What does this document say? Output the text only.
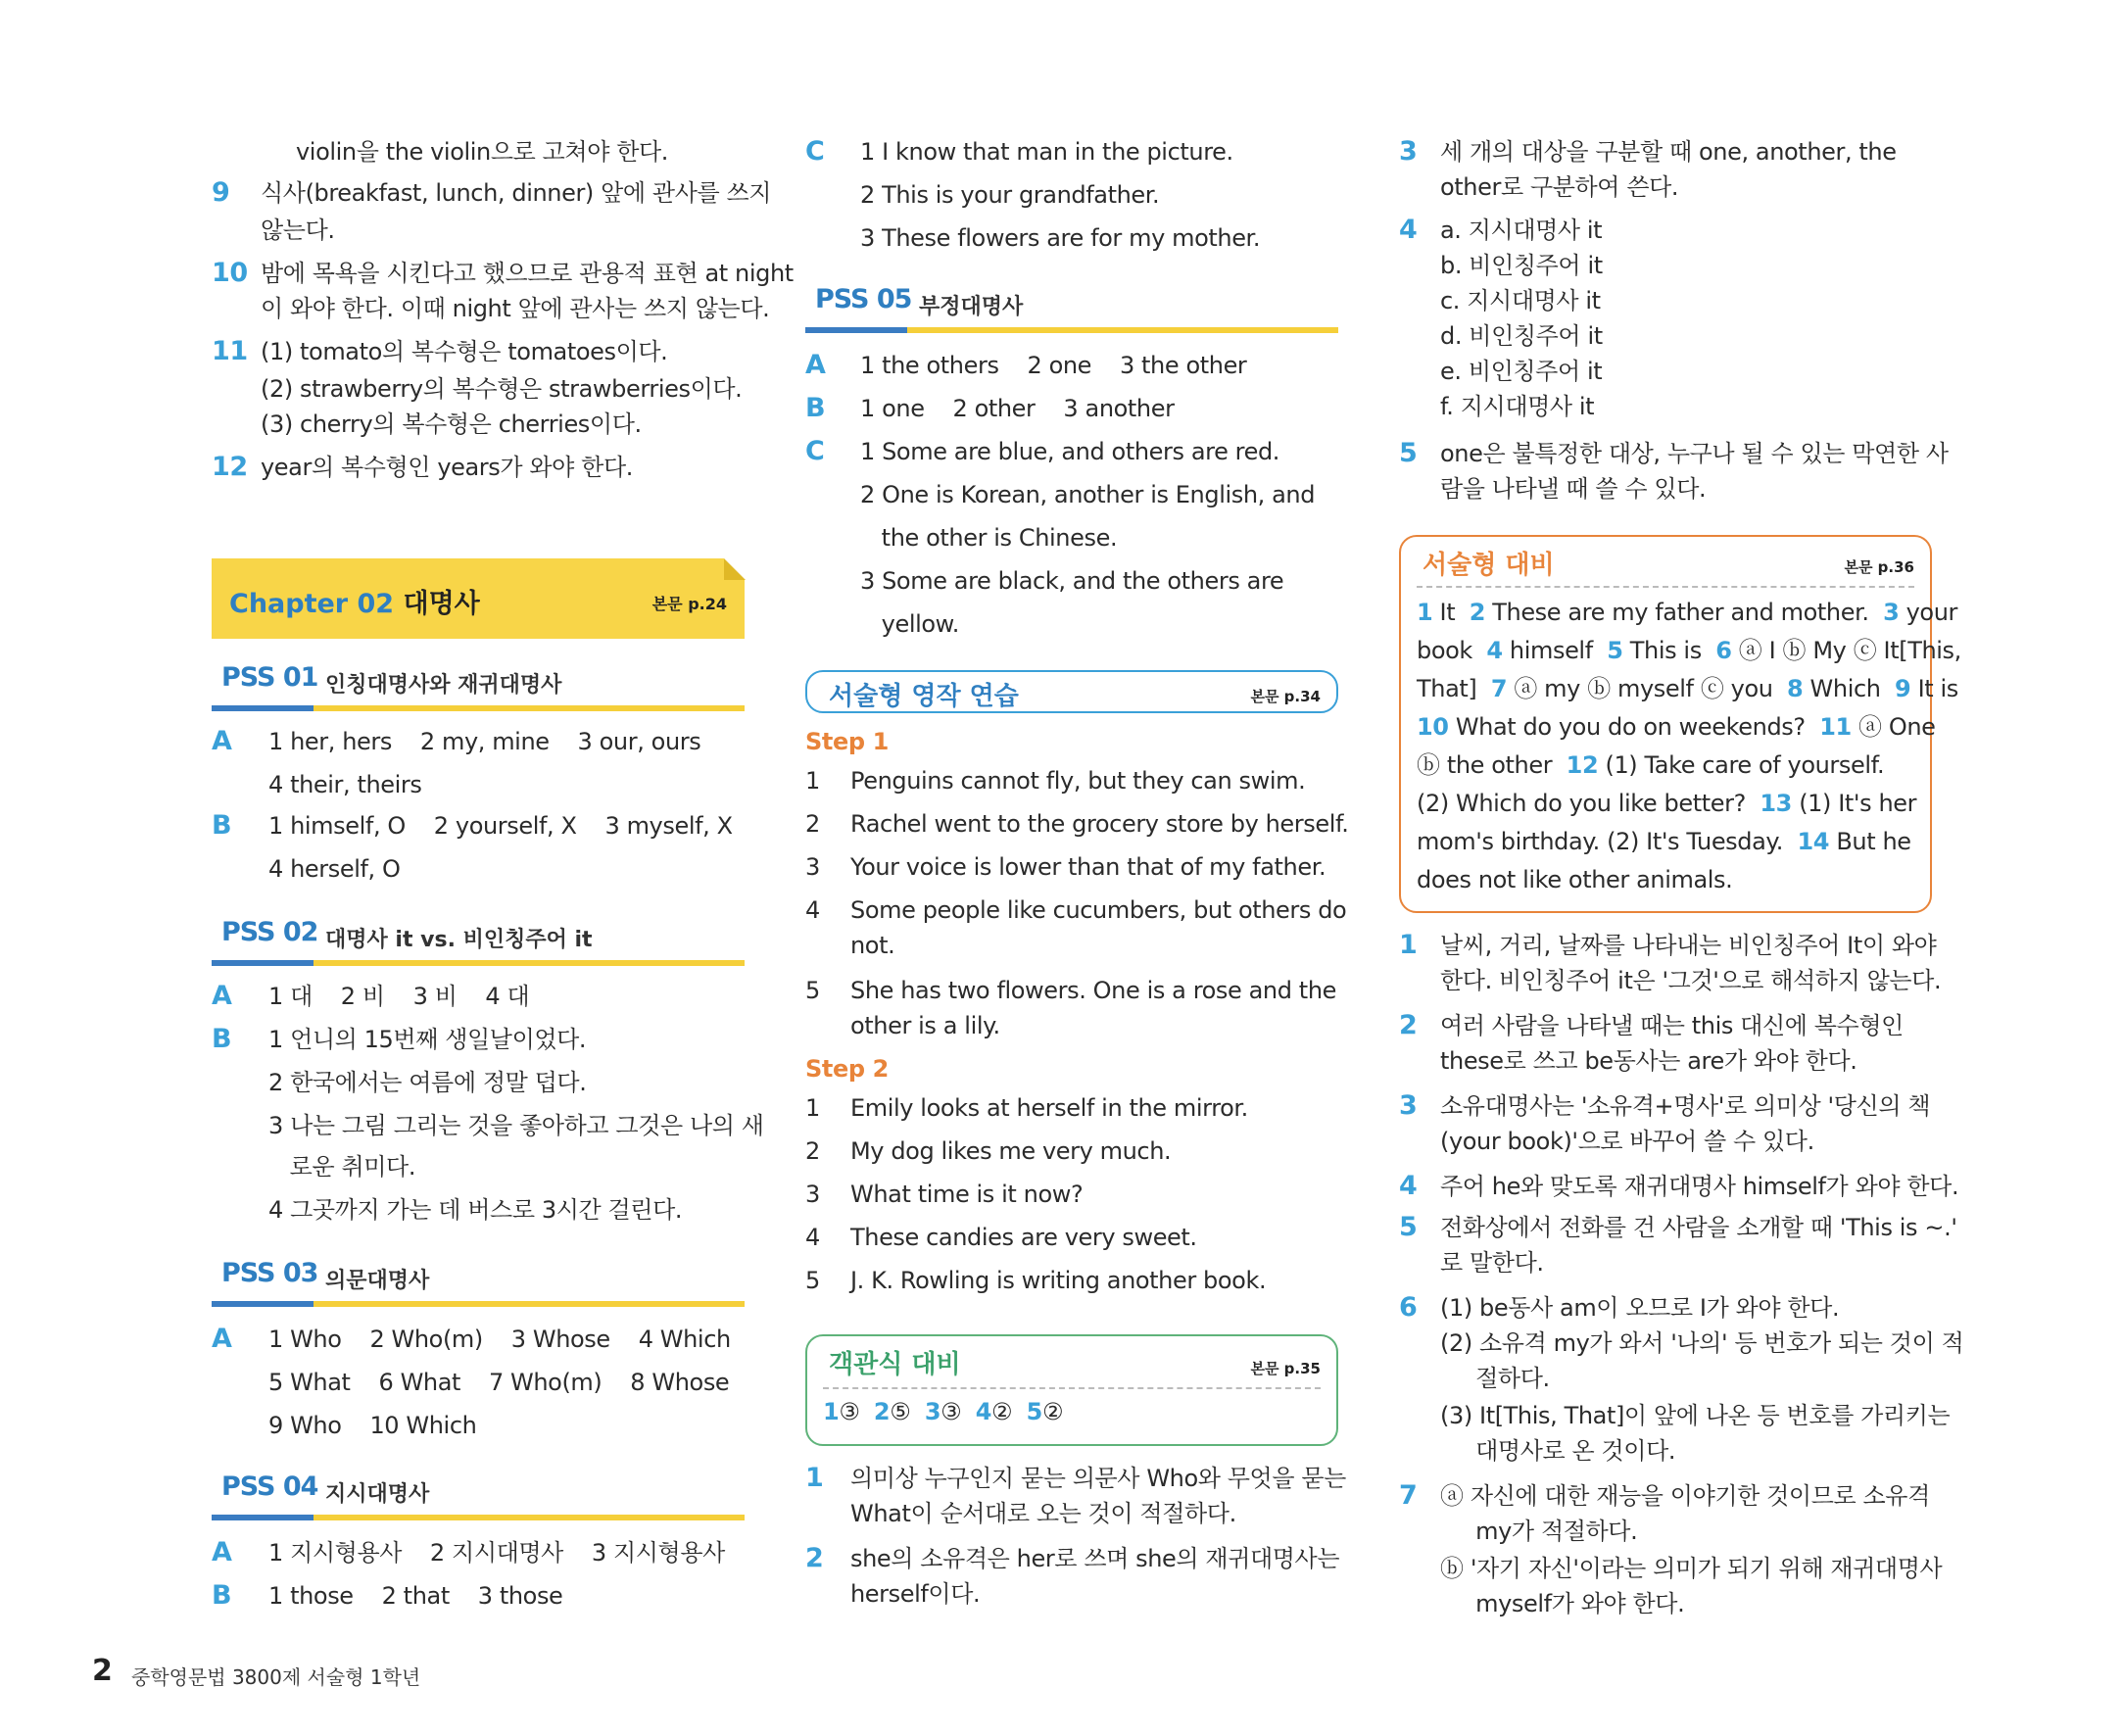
violin을 the violin으로 고쳐야 한다.
9 식사(breakfast, lunch, dinner) 앞에 관사를 쓰지
않는다.
10 밤에 목욕을 시킨다고 했으므로 관용적 표현 at night
이 와야 한다. 이때 night 앞에 관사는 쓰지 않는다.
11 (1) tomato의 복수형은 tomatoes이다.
(2) strawberry의 복수형은 strawberries이다.
(3) cherry의 복수형은 cherries이다.
12 year의 복수형인 years가 와야 한다.
Chapter 02 대명사	본문 p.24
PSS 01 인칭대명사와 재귀대명사
A 1 her, hers    2 my, mine    3 our, ours
4 their, theirs
B 1 himself, O    2 yourself, X    3 myself, X
4 herself, O
PSS 02 대명사 it vs. 비인칭주어 it
A 1 대    2 비    3 비    4 대
B 1 언니의 15번째 생일날이었다.
2 한국에서는 여름에 정말 덥다.
3 나는 그림 그리는 것을 좋아하고 그것은 나의 새
로운 취미다.
4 그곳까지 가는 데 버스로 3시간 걸린다.
PSS 03 의문대명사
A 1 Who    2 Who(m)    3 Whose    4 Which
5 What    6 What    7 Who(m)    8 Whose
9 Who    10 Which
PSS 04 지시대명사
A 1 지시형용사    2 지시대명사    3 지시형용사
B 1 those    2 that    3 those
C 1 I know that man in the picture.
2 This is your grandfather.
3 These flowers are for my mother.
PSS 05 부정대명사
A 1 the others    2 one    3 the other
B 1 one    2 other    3 another
C 1 Some are blue, and others are red.
2 One is Korean, another is English, and
the other is Chinese.
3 Some are black, and the others are
yellow.
서술형 영작 연습	본문 p.34
Step 1
1 Penguins cannot fly, but they can swim.
2 Rachel went to the grocery store by herself.
3 Your voice is lower than that of my father.
4 Some people like cucumbers, but others do
not.
5 She has two flowers. One is a rose and the
other is a lily.
Step 2
1 Emily looks at herself in the mirror.
2 My dog likes me very much.
3 What time is it now?
4 These candies are very sweet.
5 J. K. Rowling is writing another book.
객관식 대비	본문 p.35
1③ 2⑤ 3③ 4② 5②
1 의미상 누구인지 묻는 의문사 Who와 무엇을 묻는
What이 순서대로 오는 것이 적절하다.
2 she의 소유격은 her로 쓰며 she의 재귀대명사는
herself이다.
3 세 개의 대상을 구분할 때 one, another, the
other로 구분하여 쓴다.
4 a. 지시대명사 it
b. 비인칭주어 it
c. 지시대명사 it
d. 비인칭주어 it
e. 비인칭주어 it
f. 지시대명사 it
5 one은 불특정한 대상, 누구나 될 수 있는 막연한 사
람을 나타낼 때 쓸 수 있다.
서술형 대비	본문 p.36
1 It  2 These are my father and mother.  3 your
book  4 himself  5 This is  6 ⓐ I ⓑ My ⓒ It[This,
That]  7 ⓐ my ⓑ myself ⓒ you  8 Which  9 It is
10 What do you do on weekends?  11 ⓐ One
ⓑ the other  12 (1) Take care of yourself.
(2) Which do you like better?  13 (1) It's her
mom's birthday. (2) It's Tuesday.  14 But he
does not like other animals.
1 날씨, 거리, 날짜를 나타내는 비인칭주어 It이 와야
한다. 비인칭주어 it은 '그것'으로 해석하지 않는다.
2 여러 사람을 나타낼 때는 this 대신에 복수형인
these로 쓰고 be동사는 are가 와야 한다.
3 소유대명사는 '소유격+명사'로 의미상 '당신의 책
(your book)'으로 바꾸어 쓸 수 있다.
4 주어 he와 맞도록 재귀대명사 himself가 와야 한다.
5 전화상에서 전화를 건 사람을 소개할 때 'This is ~.'
로 말한다.
6 (1) be동사 am이 오므로 I가 와야 한다.
(2) 소유격 my가 와서 '나의' 등 번호가 되는 것이 적
절하다.
(3) It[This, That]이 앞에 나온 등 번호를 가리키는
대명사로 온 것이다.
7 ⓐ 자신에 대한 재능을 이야기한 것이므로 소유격
my가 적절하다.
ⓑ '자기 자신'이라는 의미가 되기 위해 재귀대명사
myself가 와야 한다.
2 중학영문법 3800제 서술형 1학년
